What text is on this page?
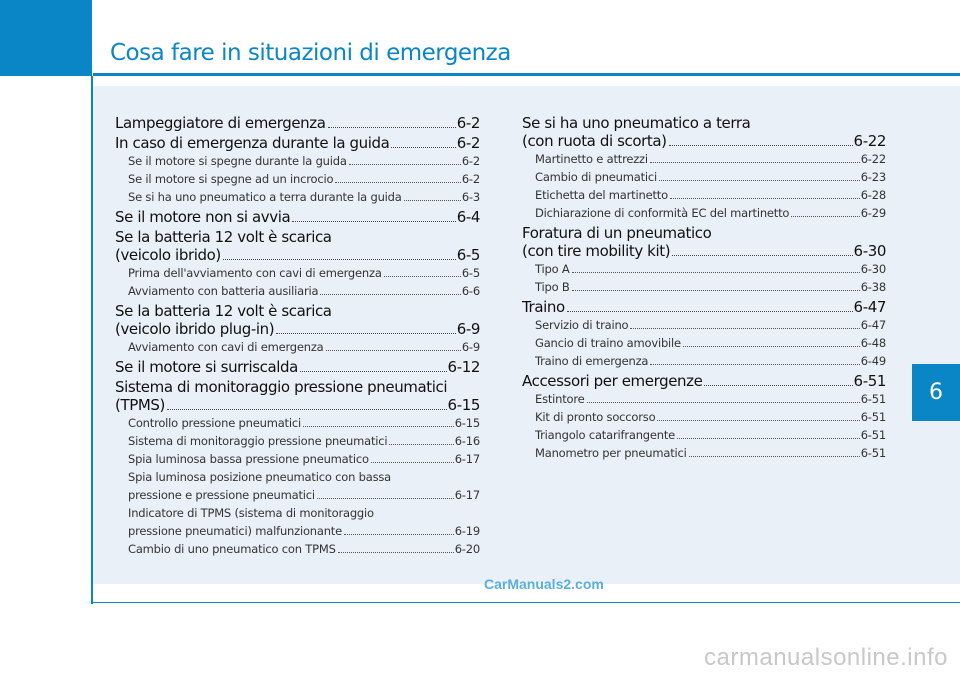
Cosa fare in situazioni di emergenza
6
Lampeggiatore di emergenza	6-2
In caso di emergenza durante la guida	6-2
Se il motore si spegne durante la guida	6-2
Se il motore si spegne ad un incrocio	6-2
Se si ha uno pneumatico a terra durante la guida	6-3
Se il motore non si avvia	6-4
Se la batteria 12 volt è scarica
(veicolo ibrido)	6-5
Prima dell'avviamento con cavi di emergenza	6-5
Avviamento con batteria ausiliaria	6-6
Se la batteria 12 volt è scarica
(veicolo ibrido plug-in)	6-9
Avviamento con cavi di emergenza	6-9
Se il motore si surriscalda	6-12
Sistema di monitoraggio pressione pneumatici
(TPMS)	6-15
Controllo pressione pneumatici	6-15
Sistema di monitoraggio pressione pneumatici	6-16
Spia luminosa bassa pressione pneumatico	6-17
Spia luminosa posizione pneumatico con bassa
pressione e pressione pneumatici	6-17
Indicatore di TPMS (sistema di monitoraggio
pressione pneumatici) malfunzionante	6-19
Cambio di uno pneumatico con TPMS	6-20
Se si ha uno pneumatico a terra
(con ruota di scorta)	6-22
Martinetto e attrezzi	6-22
Cambio di pneumatici	6-23
Etichetta del martinetto	6-28
Dichiarazione di conformità EC del martinetto	6-29
Foratura di un pneumatico
(con tire mobility kit)	6-30
Tipo A	6-30
Tipo B	6-38
Traino	6-47
Servizio di traino	6-47
Gancio di traino amovibile	6-48
Traino di emergenza	6-49
Accessori per emergenze	6-51
Estintore	6-51
Kit di pronto soccorso	6-51
Triangolo catarifrangente	6-51
Manometro per pneumatici	6-51
CarManuals2.com
carmanualsonline.info
